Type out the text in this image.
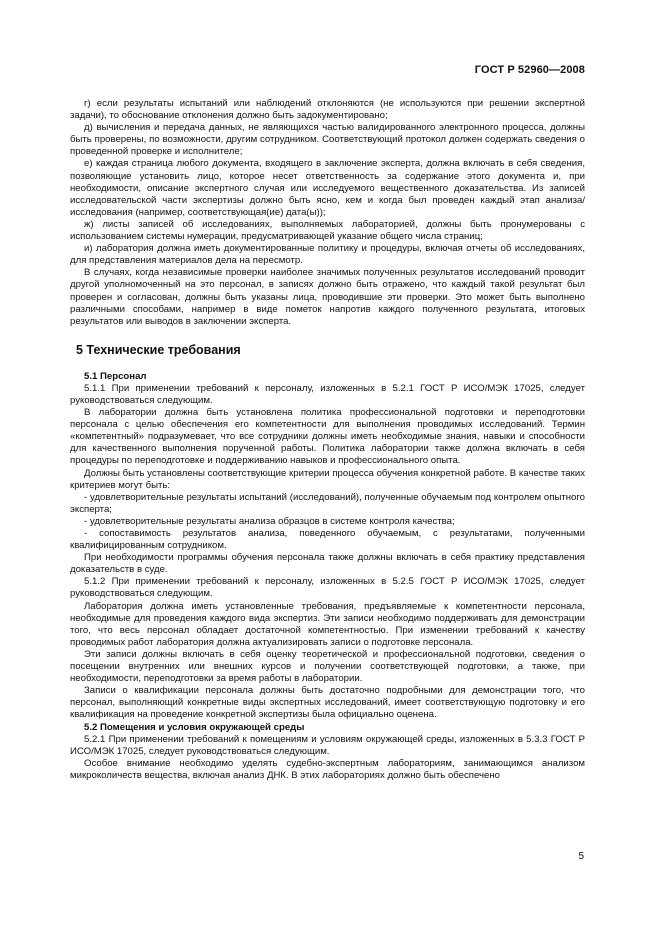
ГОСТ Р 52960—2008

г) если результаты испытаний или наблюдений отклоняются (не используются при решении экспертной задачи), то обоснование отклонения должно быть задокументировано;

д) вычисления и передача данных, не являющихся частью валидированного электронного процесса, должны быть проверены, по возможности, другим сотрудником. Соответствующий протокол должен содержать сведения о проведенной проверке и исполнителе;

е) каждая страница любого документа, входящего в заключение эксперта, должна включать в себя сведения, позволяющие установить лицо, которое несет ответственность за содержание этого документа и, при необходимости, описание экспертного случая или исследуемого вещественного доказательства. Из записей исследовательской части экспертизы должно быть ясно, кем и когда был проведен каждый этап анализа/исследования (например, соответствующая(ие) дата(ы));

ж) листы записей об исследованиях, выполняемых лабораторией, должны быть пронумерованы с использованием системы нумерации, предусматривающей указание общего числа страниц;

и) лаборатория должна иметь документированные политику и процедуры, включая отчеты об исследованиях, для представления материалов дела на пересмотр.

В случаях, когда независимые проверки наиболее значимых полученных результатов исследований проводит другой уполномоченный на это персонал, в записях должно быть отражено, что каждый такой результат был проверен и согласован, должны быть указаны лица, проводившие эти проверки. Это может быть выполнено различными способами, например в виде пометок напротив каждого полученного результата, итоговых результатов или выводов в заключении эксперта.

5 Технические требования

5.1 Персонал

5.1.1 При применении требований к персоналу, изложенных в 5.2.1 ГОСТ Р ИСО/МЭК 17025, следует руководствоваться следующим.

В лаборатории должна быть установлена политика профессиональной подготовки и переподготовки персонала с целью обеспечения его компетентности для выполнения проводимых исследований. Термин «компетентный» подразумевает, что все сотрудники должны иметь необходимые знания, навыки и способности для качественного выполнения порученной работы. Политика лаборатории также должна включать в себя процедуры по переподготовке и поддерживанию навыков и профессионального опыта.

Должны быть установлены соответствующие критерии процесса обучения конкретной работе. В качестве таких критериев могут быть:

- удовлетворительные результаты испытаний (исследований), полученные обучаемым под контролем опытного эксперта;

- удовлетворительные результаты анализа образцов в системе контроля качества;

- сопоставимость результатов анализа, поведенного обучаемым, с результатами, полученными квалифицированным сотрудником.

При необходимости программы обучения персонала также должны включать в себя практику представления доказательств в суде.

5.1.2 При применении требований к персоналу, изложенных в 5.2.5 ГОСТ Р ИСО/МЭК 17025, следует руководствоваться следующим.

Лаборатория должна иметь установленные требования, предъявляемые к компетентности персонала, необходимые для проведения каждого вида экспертиз. Эти записи необходимо поддерживать для демонстрации того, что весь персонал обладает достаточной компетентностью. При изменении требований к качеству проводимых работ лаборатория должна актуализировать записи о подготовке персонала.

Эти записи должны включать в себя оценку теоретической и профессиональной подготовки, сведения о посещении внутренних или внешних курсов и получении соответствующей подготовки, а также, при необходимости, переподготовки за время работы в лаборатории.

Записи о квалификации персонала должны быть достаточно подробными для демонстрации того, что персонал, выполняющий конкретные виды экспертных исследований, имеет соответствующую подготовку и его квалификация на проведение конкретной экспертизы была официально оценена.

5.2 Помещения и условия окружающей среды

5.2.1 При применении требований к помещениям и условиям окружающей среды, изложенных в 5.3.3 ГОСТ Р ИСО/МЭК 17025, следует руководствоваться следующим.

Особое внимание необходимо уделять судебно-экспертным лабораториям, занимающимся анализом микроколичеств вещества, включая анализ ДНК. В этих лабораториях должно быть обеспечено

5
